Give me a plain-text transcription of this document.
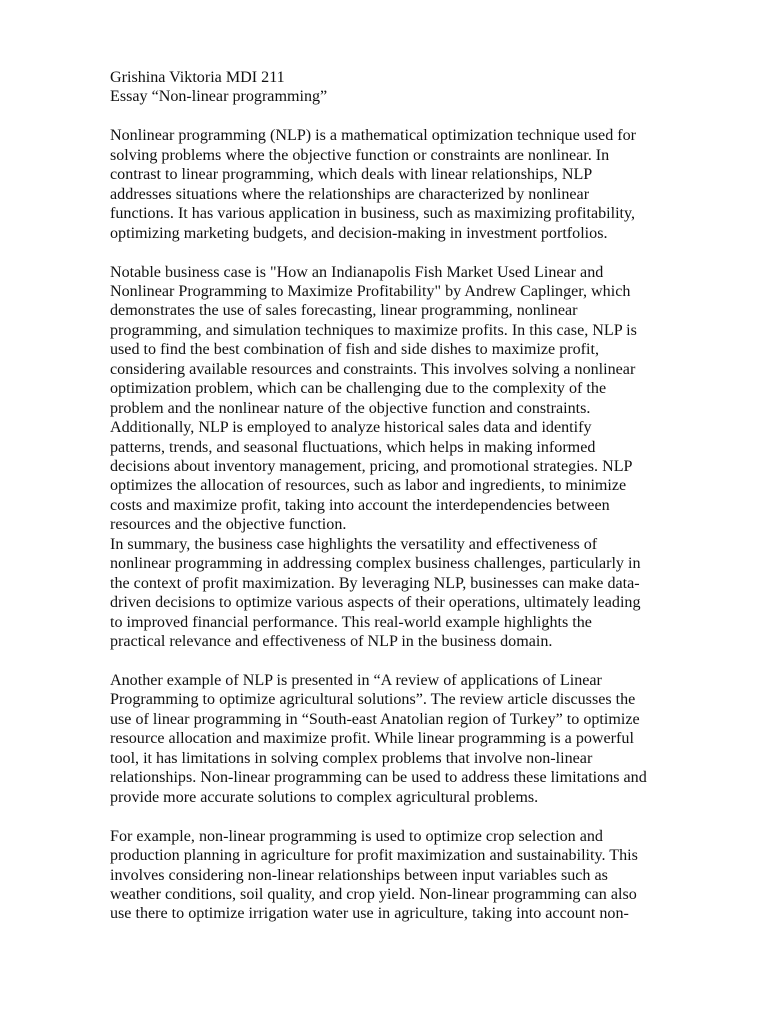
Grishina Viktoria MDI 211
Essay “Non-linear programming”
Nonlinear programming (NLP) is a mathematical optimization technique used for
solving problems where the objective function or constraints are nonlinear. In
contrast to linear programming, which deals with linear relationships, NLP
addresses situations where the relationships are characterized by nonlinear
functions. It has various application in business, such as maximizing profitability,
optimizing marketing budgets, and decision-making in investment portfolios.
Notable business case is "How an Indianapolis Fish Market Used Linear and
Nonlinear Programming to Maximize Profitability" by Andrew Caplinger, which
demonstrates the use of sales forecasting, linear programming, nonlinear
programming, and simulation techniques to maximize profits. In this case, NLP is
used to find the best combination of fish and side dishes to maximize profit,
considering available resources and constraints. This involves solving a nonlinear
optimization problem, which can be challenging due to the complexity of the
problem and the nonlinear nature of the objective function and constraints.
Additionally, NLP is employed to analyze historical sales data and identify
patterns, trends, and seasonal fluctuations, which helps in making informed
decisions about inventory management, pricing, and promotional strategies. NLP
optimizes the allocation of resources, such as labor and ingredients, to minimize
costs and maximize profit, taking into account the interdependencies between
resources and the objective function.
In summary, the business case highlights the versatility and effectiveness of
nonlinear programming in addressing complex business challenges, particularly in
the context of profit maximization. By leveraging NLP, businesses can make data-
driven decisions to optimize various aspects of their operations, ultimately leading
to improved financial performance. This real-world example highlights the
practical relevance and effectiveness of NLP in the business domain.
Another example of NLP is presented in “A review of applications of Linear
Programming to optimize agricultural solutions”. The review article discusses the
use of linear programming in “South-east Anatolian region of Turkey” to optimize
resource allocation and maximize profit. While linear programming is a powerful
tool, it has limitations in solving complex problems that involve non-linear
relationships. Non-linear programming can be used to address these limitations and
provide more accurate solutions to complex agricultural problems.
For example, non-linear programming is used to optimize crop selection and
production planning in agriculture for profit maximization and sustainability. This
involves considering non-linear relationships between input variables such as
weather conditions, soil quality, and crop yield. Non-linear programming can also
use there to optimize irrigation water use in agriculture, taking into account non-
